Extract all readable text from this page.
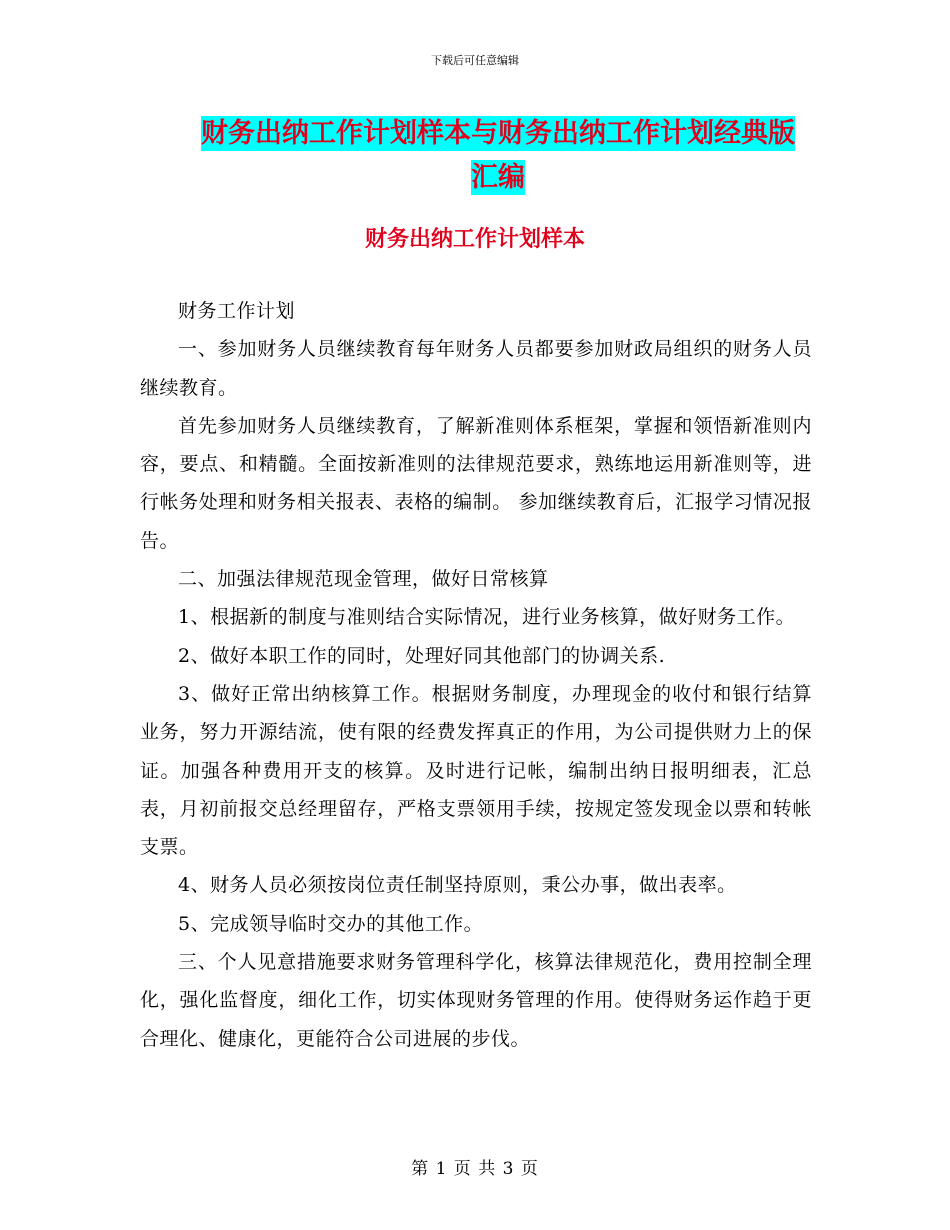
下载后可任意编辑
财务出纳工作计划样本与财务出纳工作计划经典版汇编
财务出纳工作计划样本

财务工作计划

一、参加财务人员继续教育每年财务人员都要参加财政局组织的财务人员继续教育。

首先参加财务人员继续教育，了解新准则体系框架，掌握和领悟新准则内容，要点、和精髓。全面按新准则的法律规范要求，熟练地运用新准则等，进行帐务处理和财务相关报表、表格的编制。 参加继续教育后，汇报学习情况报告。

二、加强法律规范现金管理，做好日常核算

1、根据新的制度与准则结合实际情况，进行业务核算，做好财务工作。

2、做好本职工作的同时，处理好同其他部门的协调关系.

3、做好正常出纳核算工作。根据财务制度，办理现金的收付和银行结算业务，努力开源结流，使有限的经费发挥真正的作用，为公司提供财力上的保证。加强各种费用开支的核算。及时进行记帐，编制出纳日报明细表，汇总表，月初前报交总经理留存，严格支票领用手续，按规定签发现金以票和转帐支票。

4、财务人员必须按岗位责任制坚持原则，秉公办事，做出表率。

5、完成领导临时交办的其他工作。

三、个人见意措施要求财务管理科学化，核算法律规范化，费用控制全理化，强化监督度，细化工作，切实体现财务管理的作用。使得财务运作趋于更合理化、健康化，更能符合公司进展的步伐。

第 1 页 共 3 页
